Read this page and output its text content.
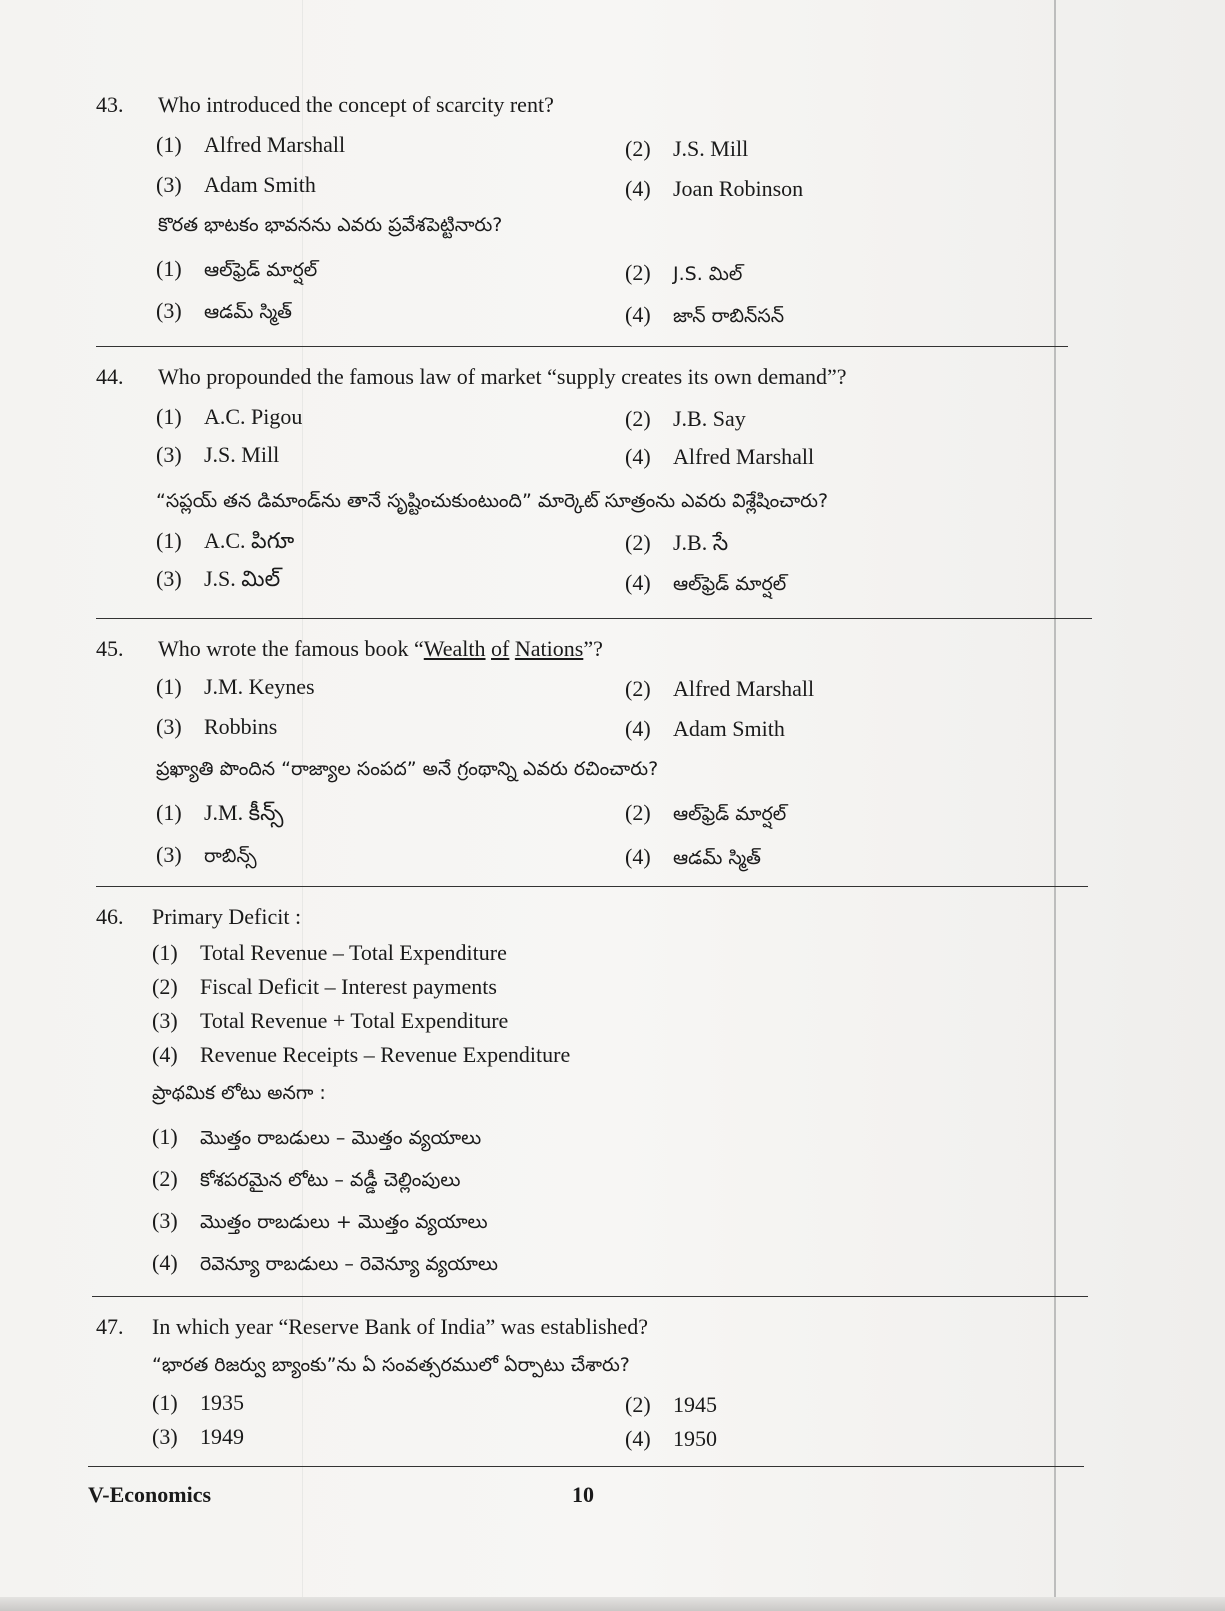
43. Who introduced the concept of scarcity rent?
(1) Alfred Marshall	(2) J.S. Mill
(3) Adam Smith	(4) Joan Robinson
కొరత భాటకం భావనను ఎవరు ప్రవేశపెట్టినారు?
(1) ఆల్‌ఫ్రెడ్ మార్షల్	(2) J.S. మిల్
(3) ఆడమ్ స్మిత్	(4) జాన్ రాబిన్‌సన్
44. Who propounded the famous law of market “supply creates its own demand”?
(1) A.C. Pigou	(2) J.B. Say
(3) J.S. Mill	(4) Alfred Marshall
“సప్లయ్ తన డిమాండ్‌ను తానే సృష్టించుకుంటుంది” మార్కెట్ సూత్రంను ఎవరు విశ్లేషించారు?
(1) A.C. పిగూ	(2) J.B. సే
(3) J.S. మిల్	(4) ఆల్‌ఫ్రెడ్ మార్షల్
45. Who wrote the famous book “Wealth of Nations”?
(1) J.M. Keynes	(2) Alfred Marshall
(3) Robbins	(4) Adam Smith
ప్రఖ్యాతి పొందిన “రాజ్యాల సంపద” అనే గ్రంథాన్ని ఎవరు రచించారు?
(1) J.M. కీన్స్	(2) ఆల్‌ఫ్రెడ్ మార్షల్
(3) రాబిన్స్	(4) ఆడమ్ స్మిత్
46. Primary Deficit :
(1) Total Revenue – Total Expenditure
(2) Fiscal Deficit – Interest payments
(3) Total Revenue + Total Expenditure
(4) Revenue Receipts – Revenue Expenditure
ప్రాథమిక లోటు అనగా :
(1) మొత్తం రాబడులు – మొత్తం వ్యయాలు
(2) కోశపరమైన లోటు – వడ్డీ చెల్లింపులు
(3) మొత్తం రాబడులు + మొత్తం వ్యయాలు
(4) రెవెన్యూ రాబడులు – రెవెన్యూ వ్యయాలు
47. In which year “Reserve Bank of India” was established?
“భారత రిజర్వు బ్యాంకు”ను ఏ సంవత్సరములో ఏర్పాటు చేశారు?
(1) 1935	(2) 1945
(3) 1949	(4) 1950
V-Economics	10
